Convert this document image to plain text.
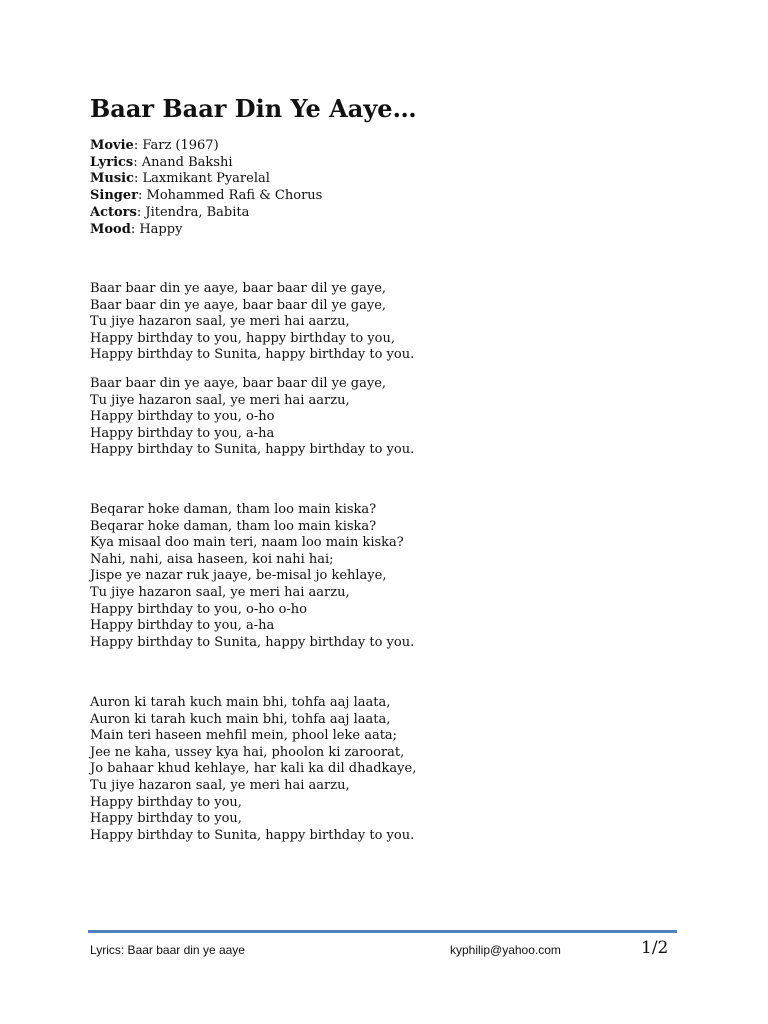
Baar Baar Din Ye Aaye…
Movie: Farz (1967)
Lyrics: Anand Bakshi
Music: Laxmikant Pyarelal
Singer: Mohammed Rafi & Chorus
Actors: Jitendra, Babita
Mood: Happy
Baar baar din ye aaye, baar baar dil ye gaye,
Baar baar din ye aaye, baar baar dil ye gaye,
Tu jiye hazaron saal, ye meri hai aarzu,
Happy birthday to you, happy birthday to you,
Happy birthday to Sunita, happy birthday to you.
Baar baar din ye aaye, baar baar dil ye gaye,
Tu jiye hazaron saal, ye meri hai aarzu,
Happy birthday to you, o-ho
Happy birthday to you, a-ha
Happy birthday to Sunita, happy birthday to you.
Beqarar hoke daman, tham loo main kiska?
Beqarar hoke daman, tham loo main kiska?
Kya misaal doo main teri, naam loo main kiska?
Nahi, nahi, aisa haseen, koi nahi hai;
Jispe ye nazar ruk jaaye, be-misal jo kehlaye,
Tu jiye hazaron saal, ye meri hai aarzu,
Happy birthday to you, o-ho o-ho
Happy birthday to you, a-ha
Happy birthday to Sunita, happy birthday to you.
Auron ki tarah kuch main bhi, tohfa aaj laata,
Auron ki tarah kuch main bhi, tohfa aaj laata,
Main teri haseen mehfil mein, phool leke aata;
Jee ne kaha, ussey kya hai, phoolon ki zaroorat,
Jo bahaar khud kehlaye, har kali ka dil dhadkaye,
Tu jiye hazaron saal, ye meri hai aarzu,
Happy birthday to you,
Happy birthday to you,
Happy birthday to Sunita, happy birthday to you.
Lyrics: Baar baar din ye aaye	kyphilip@yahoo.com	1/2
